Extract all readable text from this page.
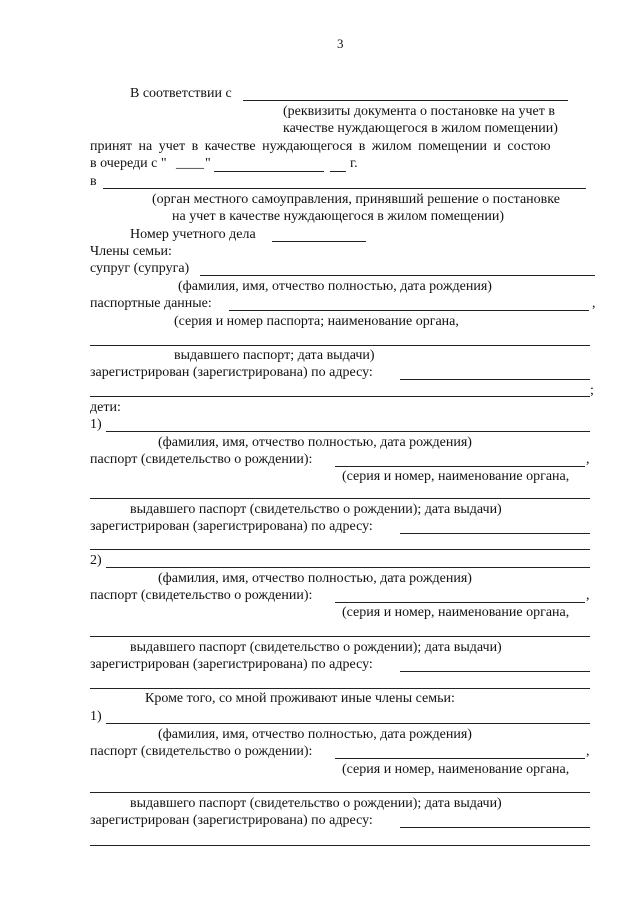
3
В соответствии с
(реквизиты документа о постановке на учет в
качестве нуждающегося в жилом помещении)
принят на учет в качестве нуждающегося в жилом помещении и состою
в очереди с " ____ "	г.
в
(орган местного самоуправления, принявший решение о постановке
на учет в качестве нуждающегося в жилом помещении)
Номер учетного дела
Члены семьи:
супруг (супруга)
(фамилия, имя, отчество полностью, дата рождения)
паспортные данные:	,
(серия и номер паспорта; наименование органа,
выдавшего паспорт; дата выдачи)
зарегистрирован (зарегистрирована) по адресу:
;
дети:
1)
(фамилия, имя, отчество полностью, дата рождения)
паспорт (свидетельство о рождении):	,
(серия и номер, наименование органа,
выдавшего паспорт (свидетельство о рождении); дата выдачи)
зарегистрирован (зарегистрирована) по адресу:
2)
(фамилия, имя, отчество полностью, дата рождения)
паспорт (свидетельство о рождении):	,
(серия и номер, наименование органа,
выдавшего паспорт (свидетельство о рождении); дата выдачи)
зарегистрирован (зарегистрирована) по адресу:
Кроме того, со мной проживают иные члены семьи:
1)
(фамилия, имя, отчество полностью, дата рождения)
паспорт (свидетельство о рождении):	,
(серия и номер, наименование органа,
выдавшего паспорт (свидетельство о рождении); дата выдачи)
зарегистрирован (зарегистрирована) по адресу:
